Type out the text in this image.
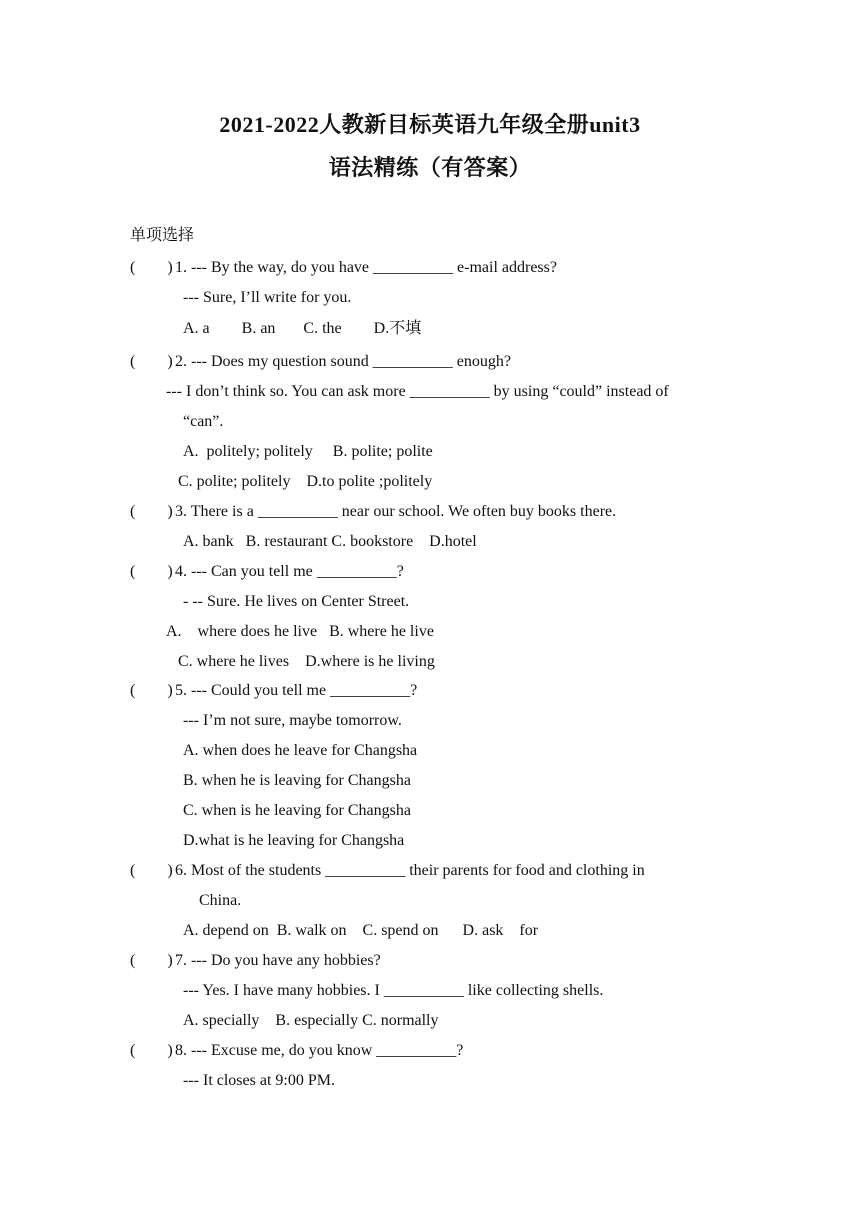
2021-2022人教新目标英语九年级全册unit3
语法精练（有答案）
单项选择
(        ) 1. --- By the way, do you have __________ e-mail address?
--- Sure, I’ll write for you.
A. a        B. an       C. the        D.不填
(        ) 2. --- Does my question sound __________ enough?
--- I don’t think so. You can ask more __________ by using “could” instead of
“can”.
A.  politely; politely     B. polite; polite
C. polite; politely    D.to polite ;politely
(        ) 3. There is a __________ near our school. We often buy books there.
A. bank   B. restaurant C. bookstore    D.hotel
(        ) 4. --- Can you tell me __________?
- -- Sure. He lives on Center Street.
A.    where does he live   B. where he live
C. where he lives    D.where is he living
(        ) 5. --- Could you tell me __________?
--- I’m not sure, maybe tomorrow.
A. when does he leave for Changsha
B. when he is leaving for Changsha
C. when is he leaving for Changsha
D.what is he leaving for Changsha
(        ) 6. Most of the students __________ their parents for food and clothing in
China.
A. depend on  B. walk on    C. spend on      D. ask    for
(        ) 7. --- Do you have any hobbies?
--- Yes. I have many hobbies. I __________ like collecting shells.
A. specially    B. especially C. normally
(        ) 8. --- Excuse me, do you know __________?
--- It closes at 9:00 PM.
